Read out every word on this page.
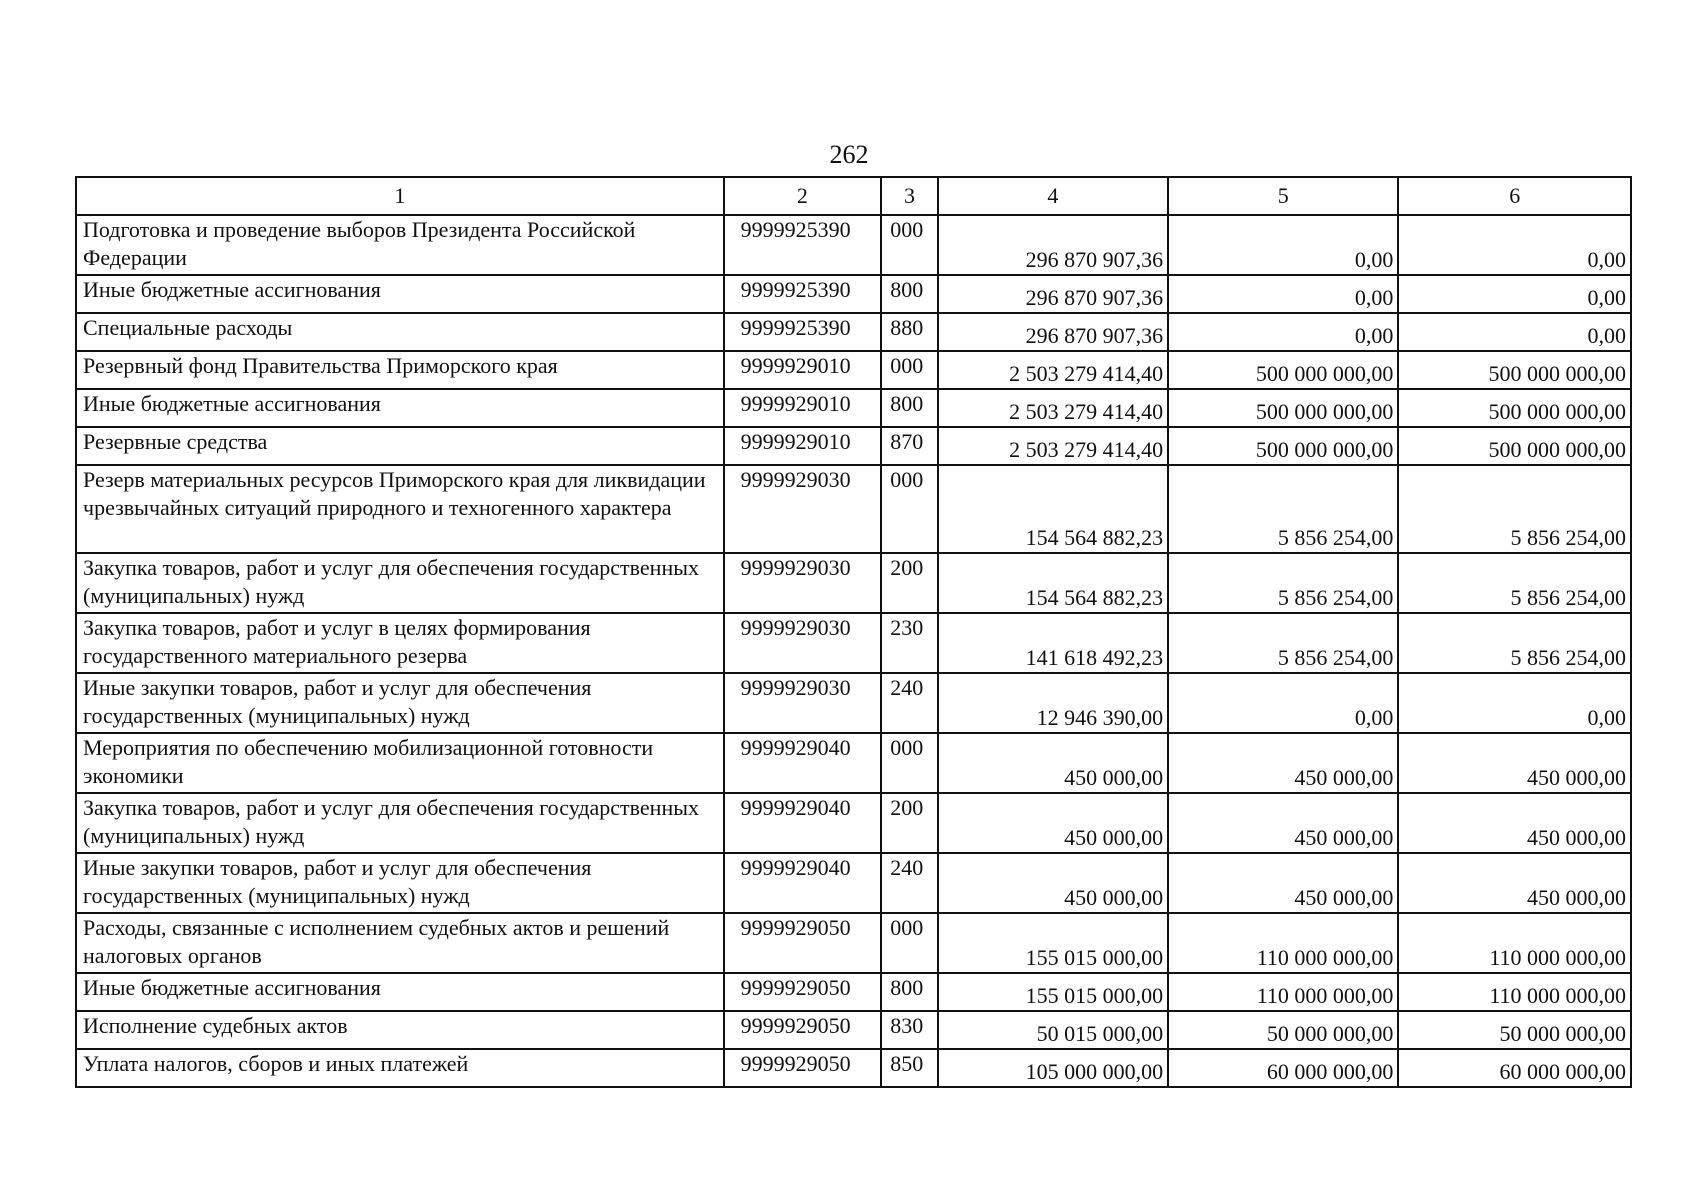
262
1	2	3	4	5	6
Подготовка и проведение выборов Президента Российской Федерации	9999925390	000	296 870 907,36	0,00	0,00
Иные бюджетные ассигнования	9999925390	800	296 870 907,36	0,00	0,00
Специальные расходы	9999925390	880	296 870 907,36	0,00	0,00
Резервный фонд Правительства Приморского края	9999929010	000	2 503 279 414,40	500 000 000,00	500 000 000,00
Иные бюджетные ассигнования	9999929010	800	2 503 279 414,40	500 000 000,00	500 000 000,00
Резервные средства	9999929010	870	2 503 279 414,40	500 000 000,00	500 000 000,00
Резерв материальных ресурсов Приморского края для ликвидации чрезвычайных ситуаций природного и техногенного характера	9999929030	000	154 564 882,23	5 856 254,00	5 856 254,00
Закупка товаров, работ и услуг для обеспечения государственных (муниципальных) нужд	9999929030	200	154 564 882,23	5 856 254,00	5 856 254,00
Закупка товаров, работ и услуг в целях формирования государственного материального резерва	9999929030	230	141 618 492,23	5 856 254,00	5 856 254,00
Иные закупки товаров, работ и услуг для обеспечения государственных (муниципальных) нужд	9999929030	240	12 946 390,00	0,00	0,00
Мероприятия по обеспечению мобилизационной готовности экономики	9999929040	000	450 000,00	450 000,00	450 000,00
Закупка товаров, работ и услуг для обеспечения государственных (муниципальных) нужд	9999929040	200	450 000,00	450 000,00	450 000,00
Иные закупки товаров, работ и услуг для обеспечения государственных (муниципальных) нужд	9999929040	240	450 000,00	450 000,00	450 000,00
Расходы, связанные с исполнением судебных актов и решений налоговых органов	9999929050	000	155 015 000,00	110 000 000,00	110 000 000,00
Иные бюджетные ассигнования	9999929050	800	155 015 000,00	110 000 000,00	110 000 000,00
Исполнение судебных актов	9999929050	830	50 015 000,00	50 000 000,00	50 000 000,00
Уплата налогов, сборов и иных платежей	9999929050	850	105 000 000,00	60 000 000,00	60 000 000,00
